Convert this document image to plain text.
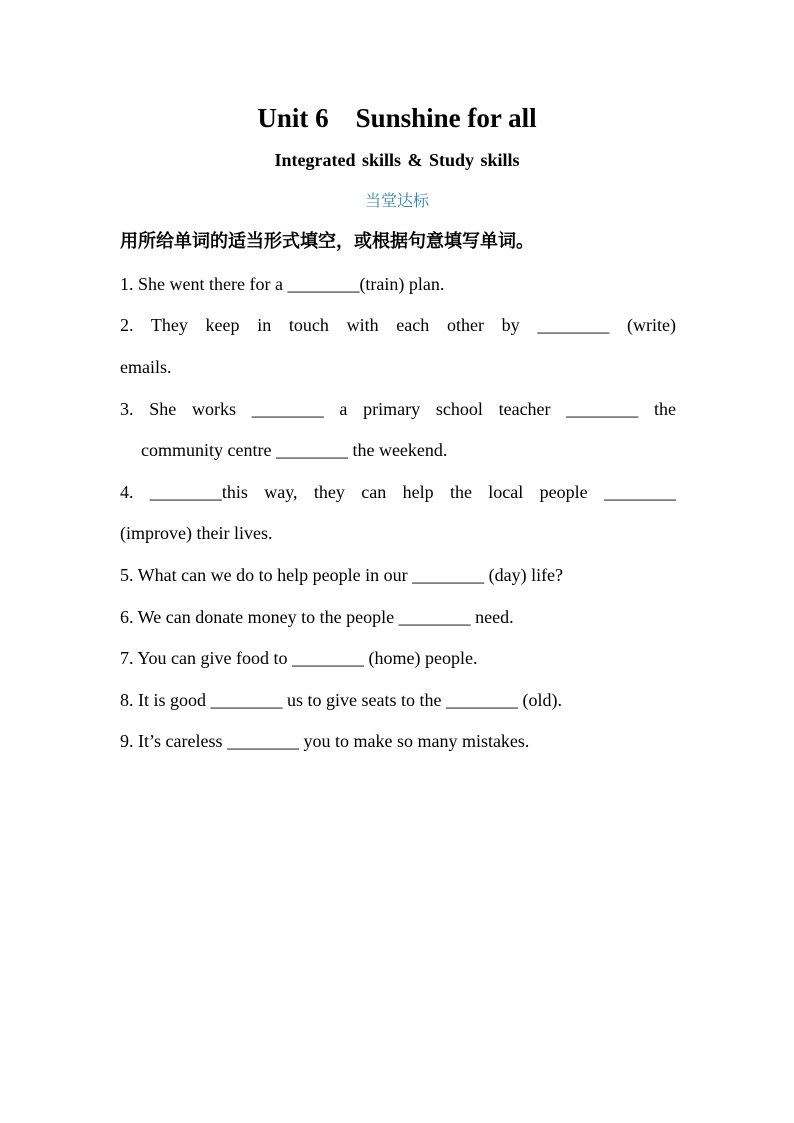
Unit 6    Sunshine for all
Integrated skills & Study skills
当堂达标
用所给单词的适当形式填空，或根据句意填写单词。
1. She went there for a ________(train) plan.
2. They keep in touch with each other by ________ (write)
emails.
3. She works ________ a primary school teacher ________ the
community centre ________ the weekend.
4. ________this way, they can help the local people ________
(improve) their lives.
5. What can we do to help people in our ________ (day) life?
6. We can donate money to the people ________ need.
7. You can give food to ________ (home) people.
8. It is good ________ us to give seats to the ________ (old).
9. It’s careless ________ you to make so many mistakes.
